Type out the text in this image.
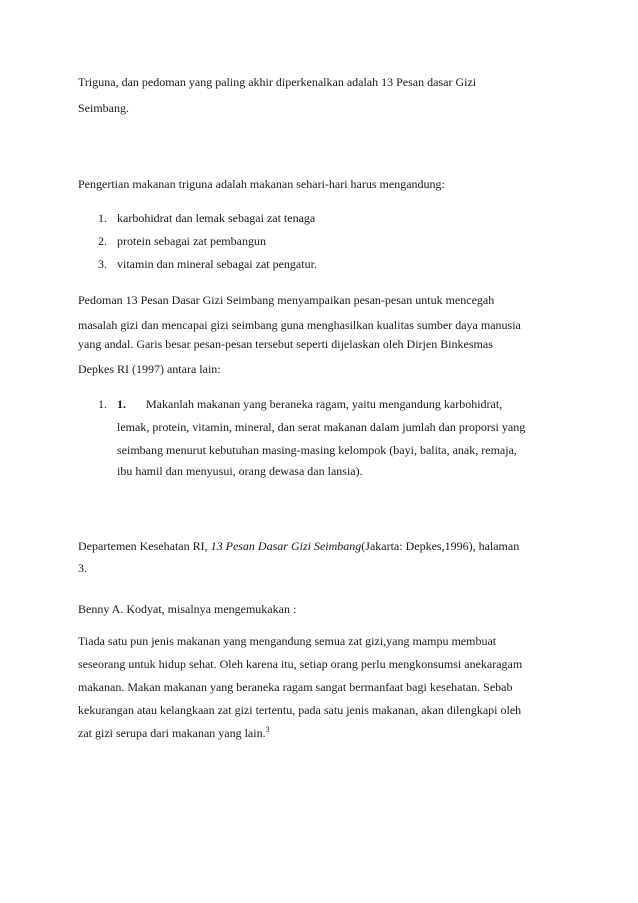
Triguna, dan pedoman yang paling akhir diperkenalkan adalah 13 Pesan dasar Gizi
Seimbang.
Pengertian makanan triguna adalah makanan sehari-hari harus mengandung:
1. karbohidrat dan lemak sebagai zat tenaga
2. protein sebagai zat pembangun
3. vitamin dan mineral sebagai zat pengatur.
Pedoman 13 Pesan Dasar Gizi Seimbang menyampaikan pesan-pesan untuk mencegah
masalah gizi dan mencapai gizi seimbang guna menghasilkan kualitas sumber daya manusia
yang andal. Garis besar pesan-pesan tersebut seperti dijelaskan oleh Dirjen Binkesmas
Depkes RI (1997) antara lain:
1. 1. Makanlah makanan yang beraneka ragam, yaitu mengandung karbohidrat,
lemak, protein, vitamin, mineral, dan serat makanan dalam jumlah dan proporsi yang
seimbang menurut kebutuhan masing-masing kelompok (bayi, balita, anak, remaja,
ibu hamil dan menyusui, orang dewasa dan lansia).
Departemen Kesehatan RI, 13 Pesan Dasar Gizi Seimbang(Jakarta: Depkes,1996), halaman
3.
Benny A. Kodyat, misalnya mengemukakan :
Tiada satu pun jenis makanan yang mengandung semua zat gizi,yang mampu membuat
seseorang untuk hidup sehat. Oleh karena itu, setiap orang perlu mengkonsumsi anekaragam
makanan. Makan makanan yang beraneka ragam sangat bermanfaat bagi kesehatan. Sebab
kekurangan atau kelangkaan zat gizi tertentu, pada satu jenis makanan, akan dilengkapi oleh
zat gizi serupa dari makanan yang lain.$^3$
